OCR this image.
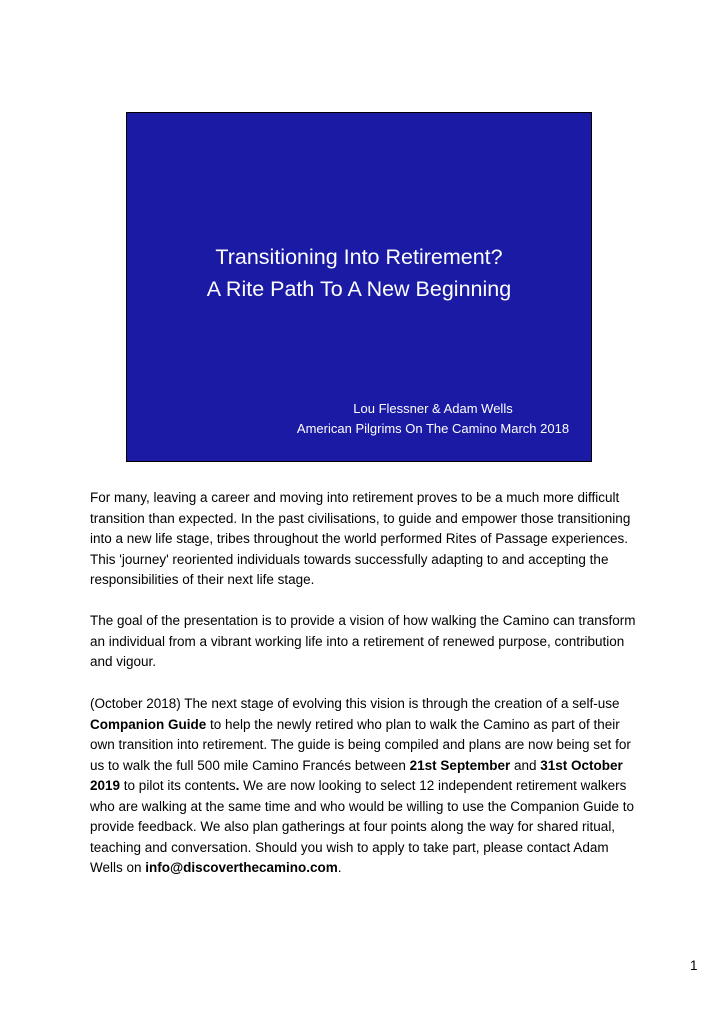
Transitioning Into Retirement?
A Rite Path To A New Beginning
Lou Flessner & Adam Wells
American Pilgrims On The Camino March 2018
For many, leaving a career and moving into retirement proves to be a much more difficult transition than expected. In the past civilisations, to guide and empower those transitioning into a new life stage, tribes throughout the world performed Rites of Passage experiences. This 'journey' reoriented individuals towards successfully adapting to and accepting the responsibilities of their next life stage.
The goal of the presentation is to provide a vision of how walking the Camino can transform an individual from a vibrant working life into a retirement of renewed purpose, contribution and vigour.
(October 2018) The next stage of evolving this vision is through the creation of a self-use Companion Guide to help the newly retired who plan to walk the Camino as part of their own transition into retirement. The guide is being compiled and plans are now being set for us to walk the full 500 mile Camino Francés between 21st September and 31st October 2019 to pilot its contents. We are now looking to select 12 independent retirement walkers who are walking at the same time and who would be willing to use the Companion Guide to provide feedback. We also plan gatherings at four points along the way for shared ritual, teaching and conversation. Should you wish to apply to take part, please contact Adam Wells on info@discoverthecamino.com.
1
